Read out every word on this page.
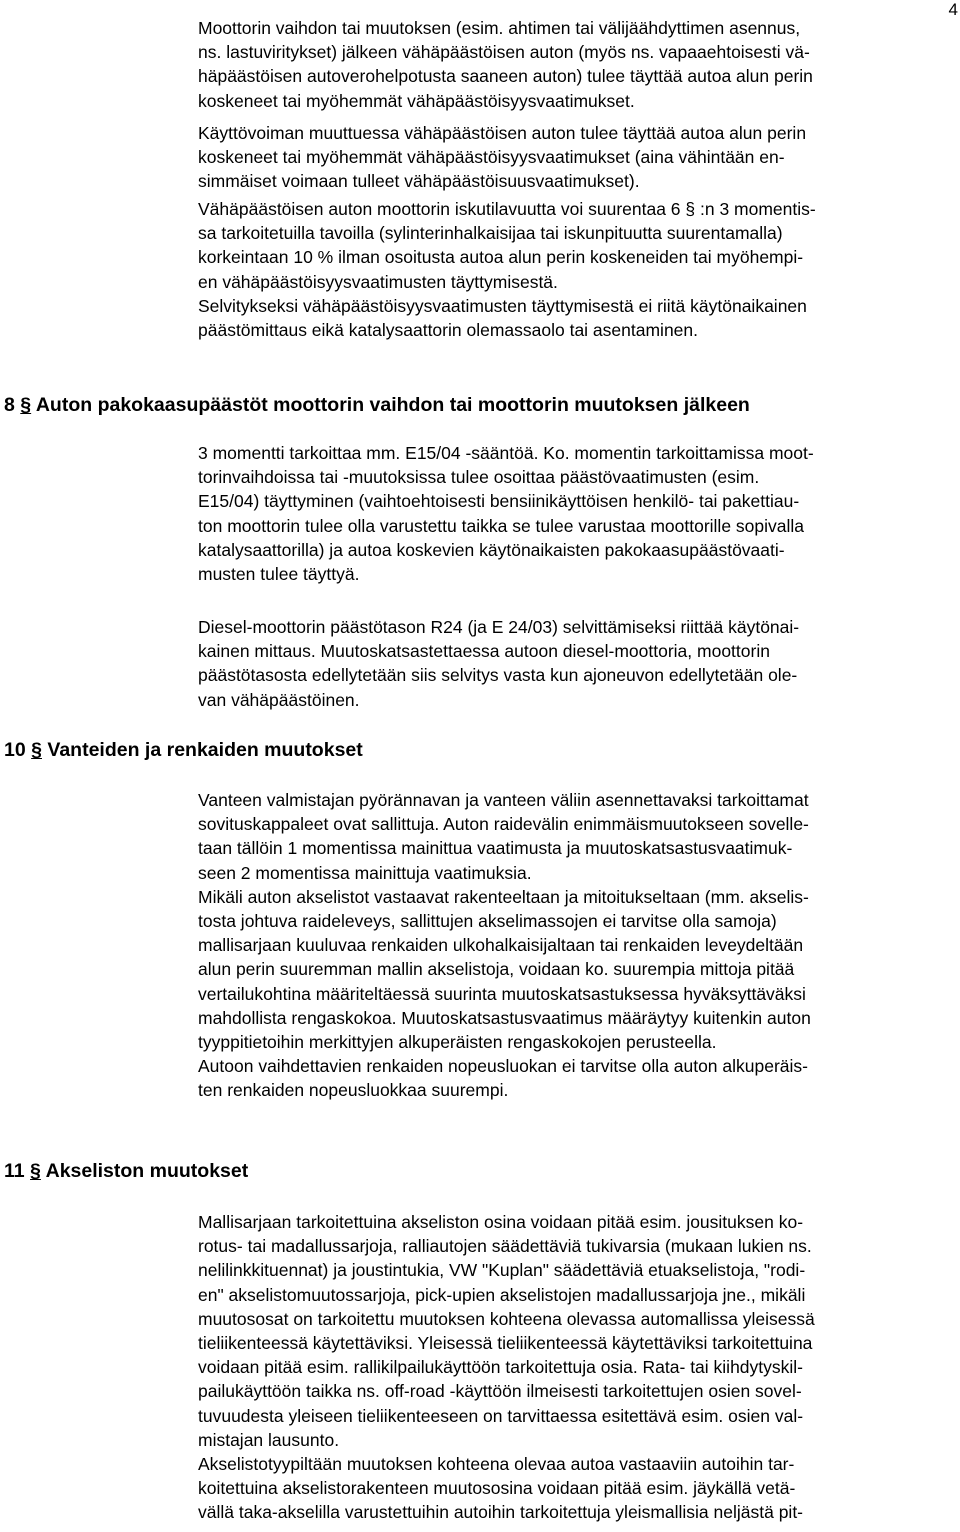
4

Moottorin vaihdon tai muutoksen (esim. ahtimen tai välijäähdyttimen asennus,
ns. lastuviritykset) jälkeen vähäpäästöisen auton (myös ns. vapaaehtoisesti vä-
häpäästöisen autoverohelpotusta saaneen auton) tulee täyttää autoa alun perin
koskeneet tai myöhemmät vähäpäästöisyysvaatimukset.

Käyttövoiman muuttuessa vähäpäästöisen auton tulee täyttää autoa alun perin
koskeneet tai myöhemmät vähäpäästöisyysvaatimukset (aina vähintään en-
simmäiset voimaan tulleet vähäpäästöisuusvaatimukset).

Vähäpäästöisen auton moottorin iskutilavuutta voi suurentaa 6 § :n 3 momentis-
sa tarkoitetuilla tavoilla (sylinterinhalkaisijaa tai iskunpituutta suurentamalla)
korkeintaan 10 % ilman osoitusta autoa alun perin koskeneiden tai myöhempi-
en vähäpäästöisyysvaatimusten täyttymisestä.

Selvitykseksi vähäpäästöisyysvaatimusten täyttymisestä ei riitä käytönaikainen
päästömittaus eikä katalysaattorin olemassaolo tai asentaminen.

8 § Auton pakokaasupäästöt moottorin vaihdon tai moottorin muutoksen jälkeen

3 momentti tarkoittaa mm. E15/04 -sääntöä. Ko. momentin tarkoittamissa moot-
torinvaihdoissa tai -muutoksissa tulee osoittaa päästövaatimusten (esim.
E15/04) täyttyminen (vaihtoehtoisesti bensiinikäyttöisen henkilö- tai pakettiau-
ton moottorin tulee olla varustettu taikka se tulee varustaa moottorille sopivalla
katalysaattorilla) ja autoa koskevien käytönaikaisten pakokaasupäästövaati-
musten tulee täyttyä.

Diesel-moottorin päästötason R24 (ja E 24/03) selvittämiseksi riittää käytönai-
kainen mittaus. Muutoskatsastettaessa autoon diesel-moottoria, moottorin
päästötasosta edellytetään siis selvitys vasta kun ajoneuvon edellytetään ole-
van vähäpäästöinen.

10 § Vanteiden ja renkaiden muutokset

Vanteen valmistajan pyörännavan ja vanteen väliin asennettavaksi tarkoittamat
sovituskappaleet ovat sallittuja. Auton raidevälin enimmäismuutokseen sovelle-
taan tällöin 1 momentissa mainittua vaatimusta ja muutoskatsastusvaatimuk-
seen 2 momentissa mainittuja vaatimuksia.
Mikäli auton akselistot vastaavat rakenteeltaan ja mitoitukseltaan (mm. akselis-
tosta johtuva raideleveys, sallittujen akselimassojen ei tarvitse olla samoja)
mallisarjaan kuuluvaa renkaiden ulkohalkaisijaltaan tai renkaiden leveydeltään
alun perin suuremman mallin akselistoja, voidaan ko. suurempia mittoja pitää
vertailukohtina määriteltäessä suurinta muutoskatsastuksessa hyväksyttäväksi
mahdollista rengaskokoa. Muutoskatsastusvaatimus määräytyy kuitenkin auton
tyyppitietoihin merkittyjen alkuperäisten rengaskokojen perusteella.
Autoon vaihdettavien renkaiden nopeusluokan ei tarvitse olla auton alkuperäis-
ten renkaiden nopeusluokkaa suurempi.

11 § Akseliston muutokset

Mallisarjaan tarkoitettuina akseliston osina voidaan pitää esim. jousituksen ko-
rotus- tai madallussarjoja, ralliautojen säädettäviä tukivarsia (mukaan lukien ns.
nelilinkkituennat) ja joustintukia, VW "Kuplan" säädettäviä etuakselistoja, "rodi-
en" akselistomuutossarjoja, pick-upien akselistojen madallussarjoja jne., mikäli
muutososat on tarkoitettu muutoksen kohteena olevassa automallissa yleisessä
tieliikenteessä käytettäviksi. Yleisessä tieliikenteessä käytettäviksi tarkoitettuina
voidaan pitää esim. rallikilpailukäyttöön tarkoitettuja osia. Rata- tai kiihdytyskil-
pailukäyttöön taikka ns. off-road -käyttöön ilmeisesti tarkoitettujen osien sovel-
tuvuudesta yleiseen tieliikenteeseen on tarvittaessa esitettävä esim. osien val-
mistajan lausunto.
Akselistotyypiltään muutoksen kohteena olevaa autoa vastaaviin autoihin tar-
koitettuina akselistorakenteen muutososina voidaan pitää esim. jäykällä vetä-
vällä taka-akselilla varustettuihin autoihin tarkoitettuja yleismallisia neljästä pit-
